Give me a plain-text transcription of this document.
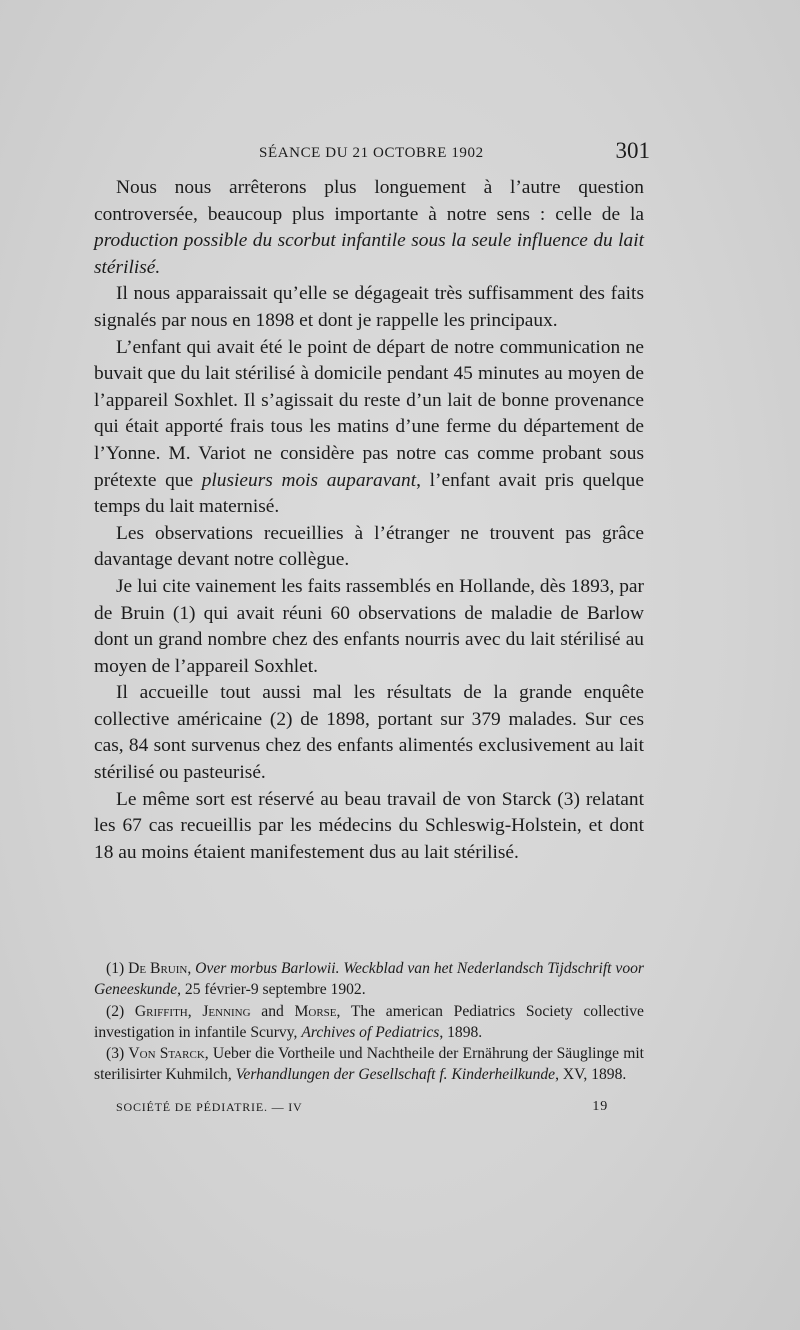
SÉANCE DU 21 OCTOBRE 1902	301

Nous nous arrêterons plus longuement à l’autre question controversée, beaucoup plus importante à notre sens : celle de la production possible du scorbut infantile sous la seule influence du lait stérilisé.

Il nous apparaissait qu’elle se dégageait très suffisamment des faits signalés par nous en 1898 et dont je rappelle les principaux.

L’enfant qui avait été le point de départ de notre communication ne buvait que du lait stérilisé à domicile pendant 45 minutes au moyen de l’appareil Soxhlet. Il s’agissait du reste d’un lait de bonne provenance qui était apporté frais tous les matins d’une ferme du département de l’Yonne. M. Variot ne considère pas notre cas comme probant sous prétexte que plusieurs mois auparavant, l’enfant avait pris quelque temps du lait maternisé.

Les observations recueillies à l’étranger ne trouvent pas grâce davantage devant notre collègue.

Je lui cite vainement les faits rassemblés en Hollande, dès 1893, par de Bruin (1) qui avait réuni 60 observations de maladie de Barlow dont un grand nombre chez des enfants nourris avec du lait stérilisé au moyen de l’appareil Soxhlet.

Il accueille tout aussi mal les résultats de la grande enquête collective américaine (2) de 1898, portant sur 379 malades. Sur ces cas, 84 sont survenus chez des enfants alimentés exclusivement au lait stérilisé ou pasteurisé.

Le même sort est réservé au beau travail de von Starck (3) relatant les 67 cas recueillis par les médecins du Schleswig-Holstein, et dont 18 au moins étaient manifestement dus au lait stérilisé.

(1) De Bruin, Over morbus Barlowii. Weckblad van het Nederlandsch Tijdschrift voor Geneeskunde, 25 février-9 septembre 1902.

(2) Griffith, Jenning and Morse, The american Pediatrics Society collective investigation in infantile Scurvy, Archives of Pediatrics, 1898.

(3) Von Starck, Ueber die Vortheile und Nachtheile der Ernährung der Säuglinge mit sterilisirter Kuhmilch, Verhandlungen der Gesellschaft f. Kinderheilkunde, XV, 1898.

SOCIÉTÉ DE PÉDIATRIE. — IV	19
